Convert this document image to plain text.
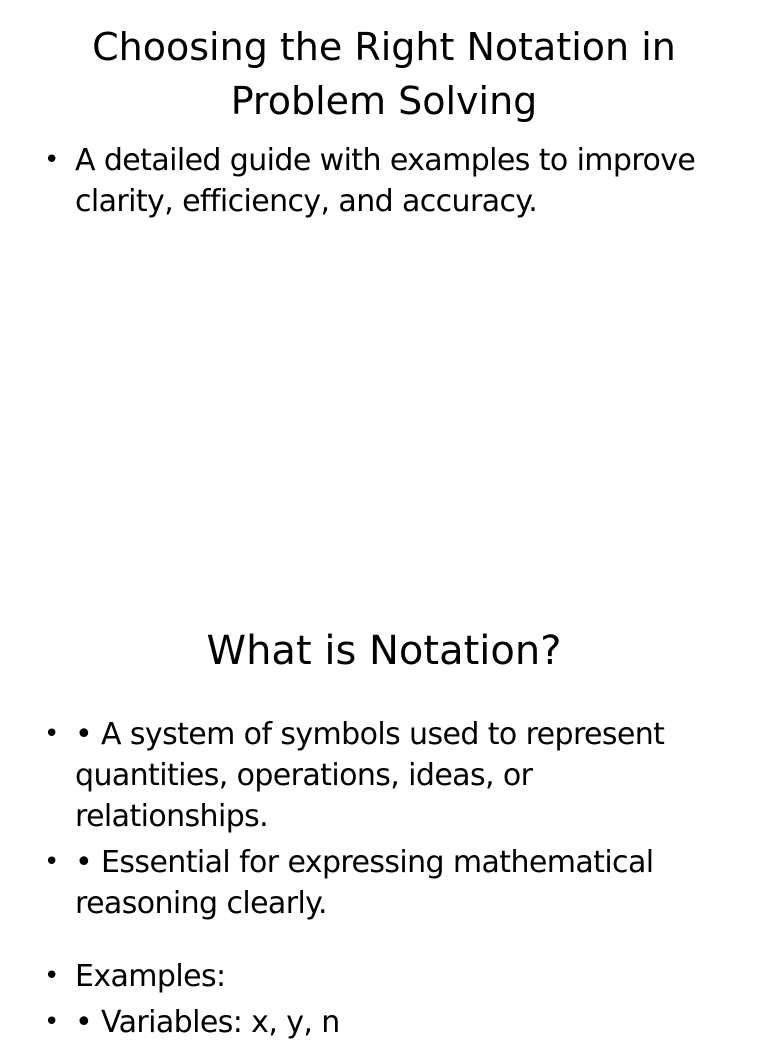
Choosing the Right Notation in Problem Solving
• A detailed guide with examples to improve clarity, efficiency, and accuracy.
What is Notation?
• • A system of symbols used to represent quantities, operations, ideas, or relationships.
• • Essential for expressing mathematical reasoning clearly.
• Examples:
• • Variables: x, y, n
